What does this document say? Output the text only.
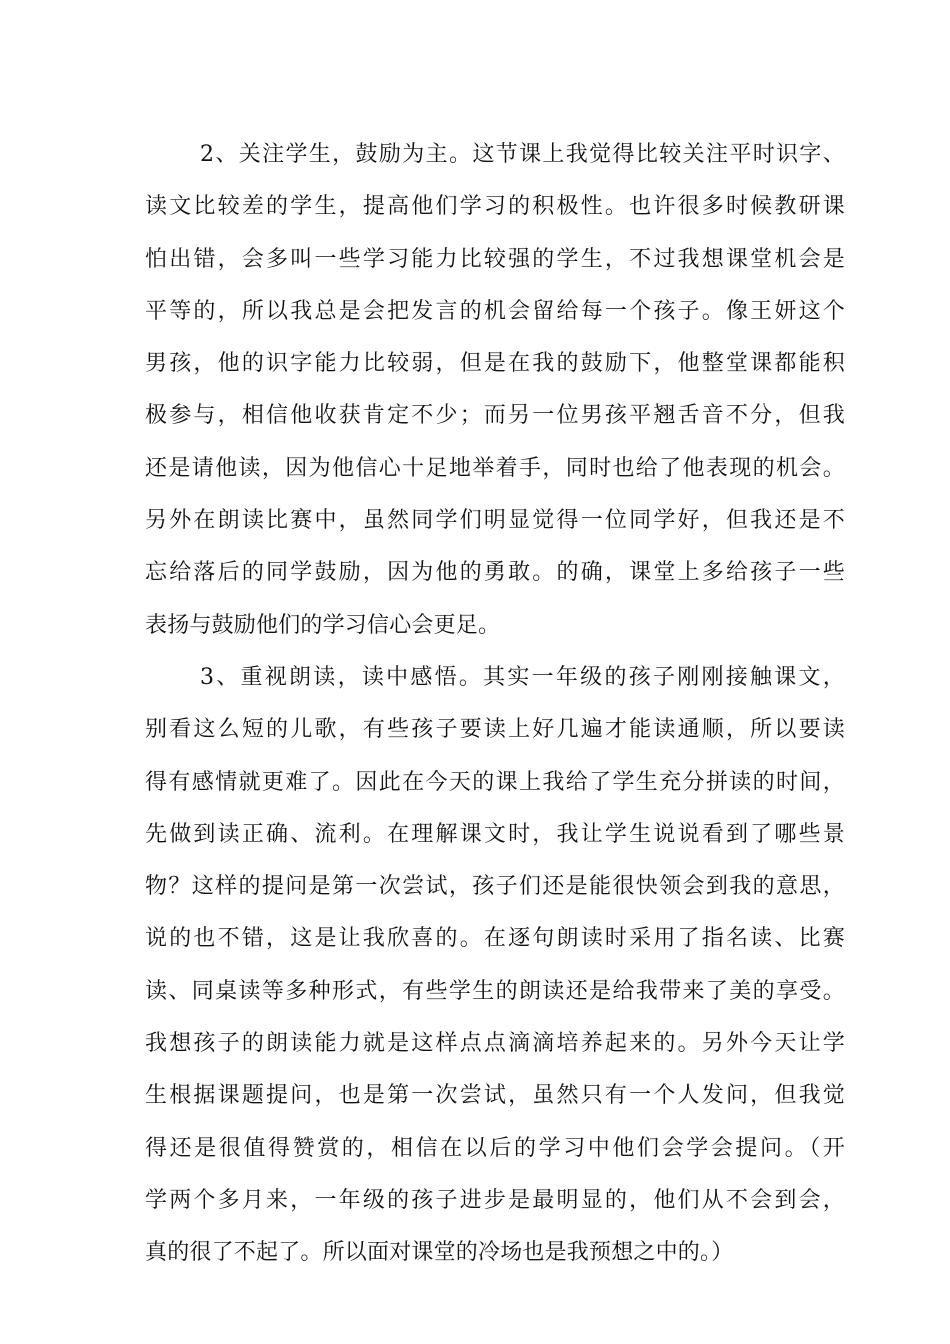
2、关注学生，鼓励为主。这节课上我觉得比较关注平时识字、
读文比较差的学生，提高他们学习的积极性。也许很多时候教研课
怕出错，会多叫一些学习能力比较强的学生，不过我想课堂机会是
平等的，所以我总是会把发言的机会留给每一个孩子。像王妍这个
男孩，他的识字能力比较弱，但是在我的鼓励下，他整堂课都能积
极参与，相信他收获肯定不少；而另一位男孩平翘舌音不分，但我
还是请他读，因为他信心十足地举着手，同时也给了他表现的机会。
另外在朗读比赛中，虽然同学们明显觉得一位同学好，但我还是不
忘给落后的同学鼓励，因为他的勇敢。的确，课堂上多给孩子一些
表扬与鼓励他们的学习信心会更足。
3、重视朗读，读中感悟。其实一年级的孩子刚刚接触课文，
别看这么短的儿歌，有些孩子要读上好几遍才能读通顺，所以要读
得有感情就更难了。因此在今天的课上我给了学生充分拼读的时间，
先做到读正确、流利。在理解课文时，我让学生说说看到了哪些景
物？这样的提问是第一次尝试，孩子们还是能很快领会到我的意思，
说的也不错，这是让我欣喜的。在逐句朗读时采用了指名读、比赛
读、同桌读等多种形式，有些学生的朗读还是给我带来了美的享受。
我想孩子的朗读能力就是这样点点滴滴培养起来的。另外今天让学
生根据课题提问，也是第一次尝试，虽然只有一个人发问，但我觉
得还是很值得赞赏的，相信在以后的学习中他们会学会提问。（开
学两个多月来，一年级的孩子进步是最明显的，他们从不会到会，
真的很了不起了。所以面对课堂的冷场也是我预想之中的。）
